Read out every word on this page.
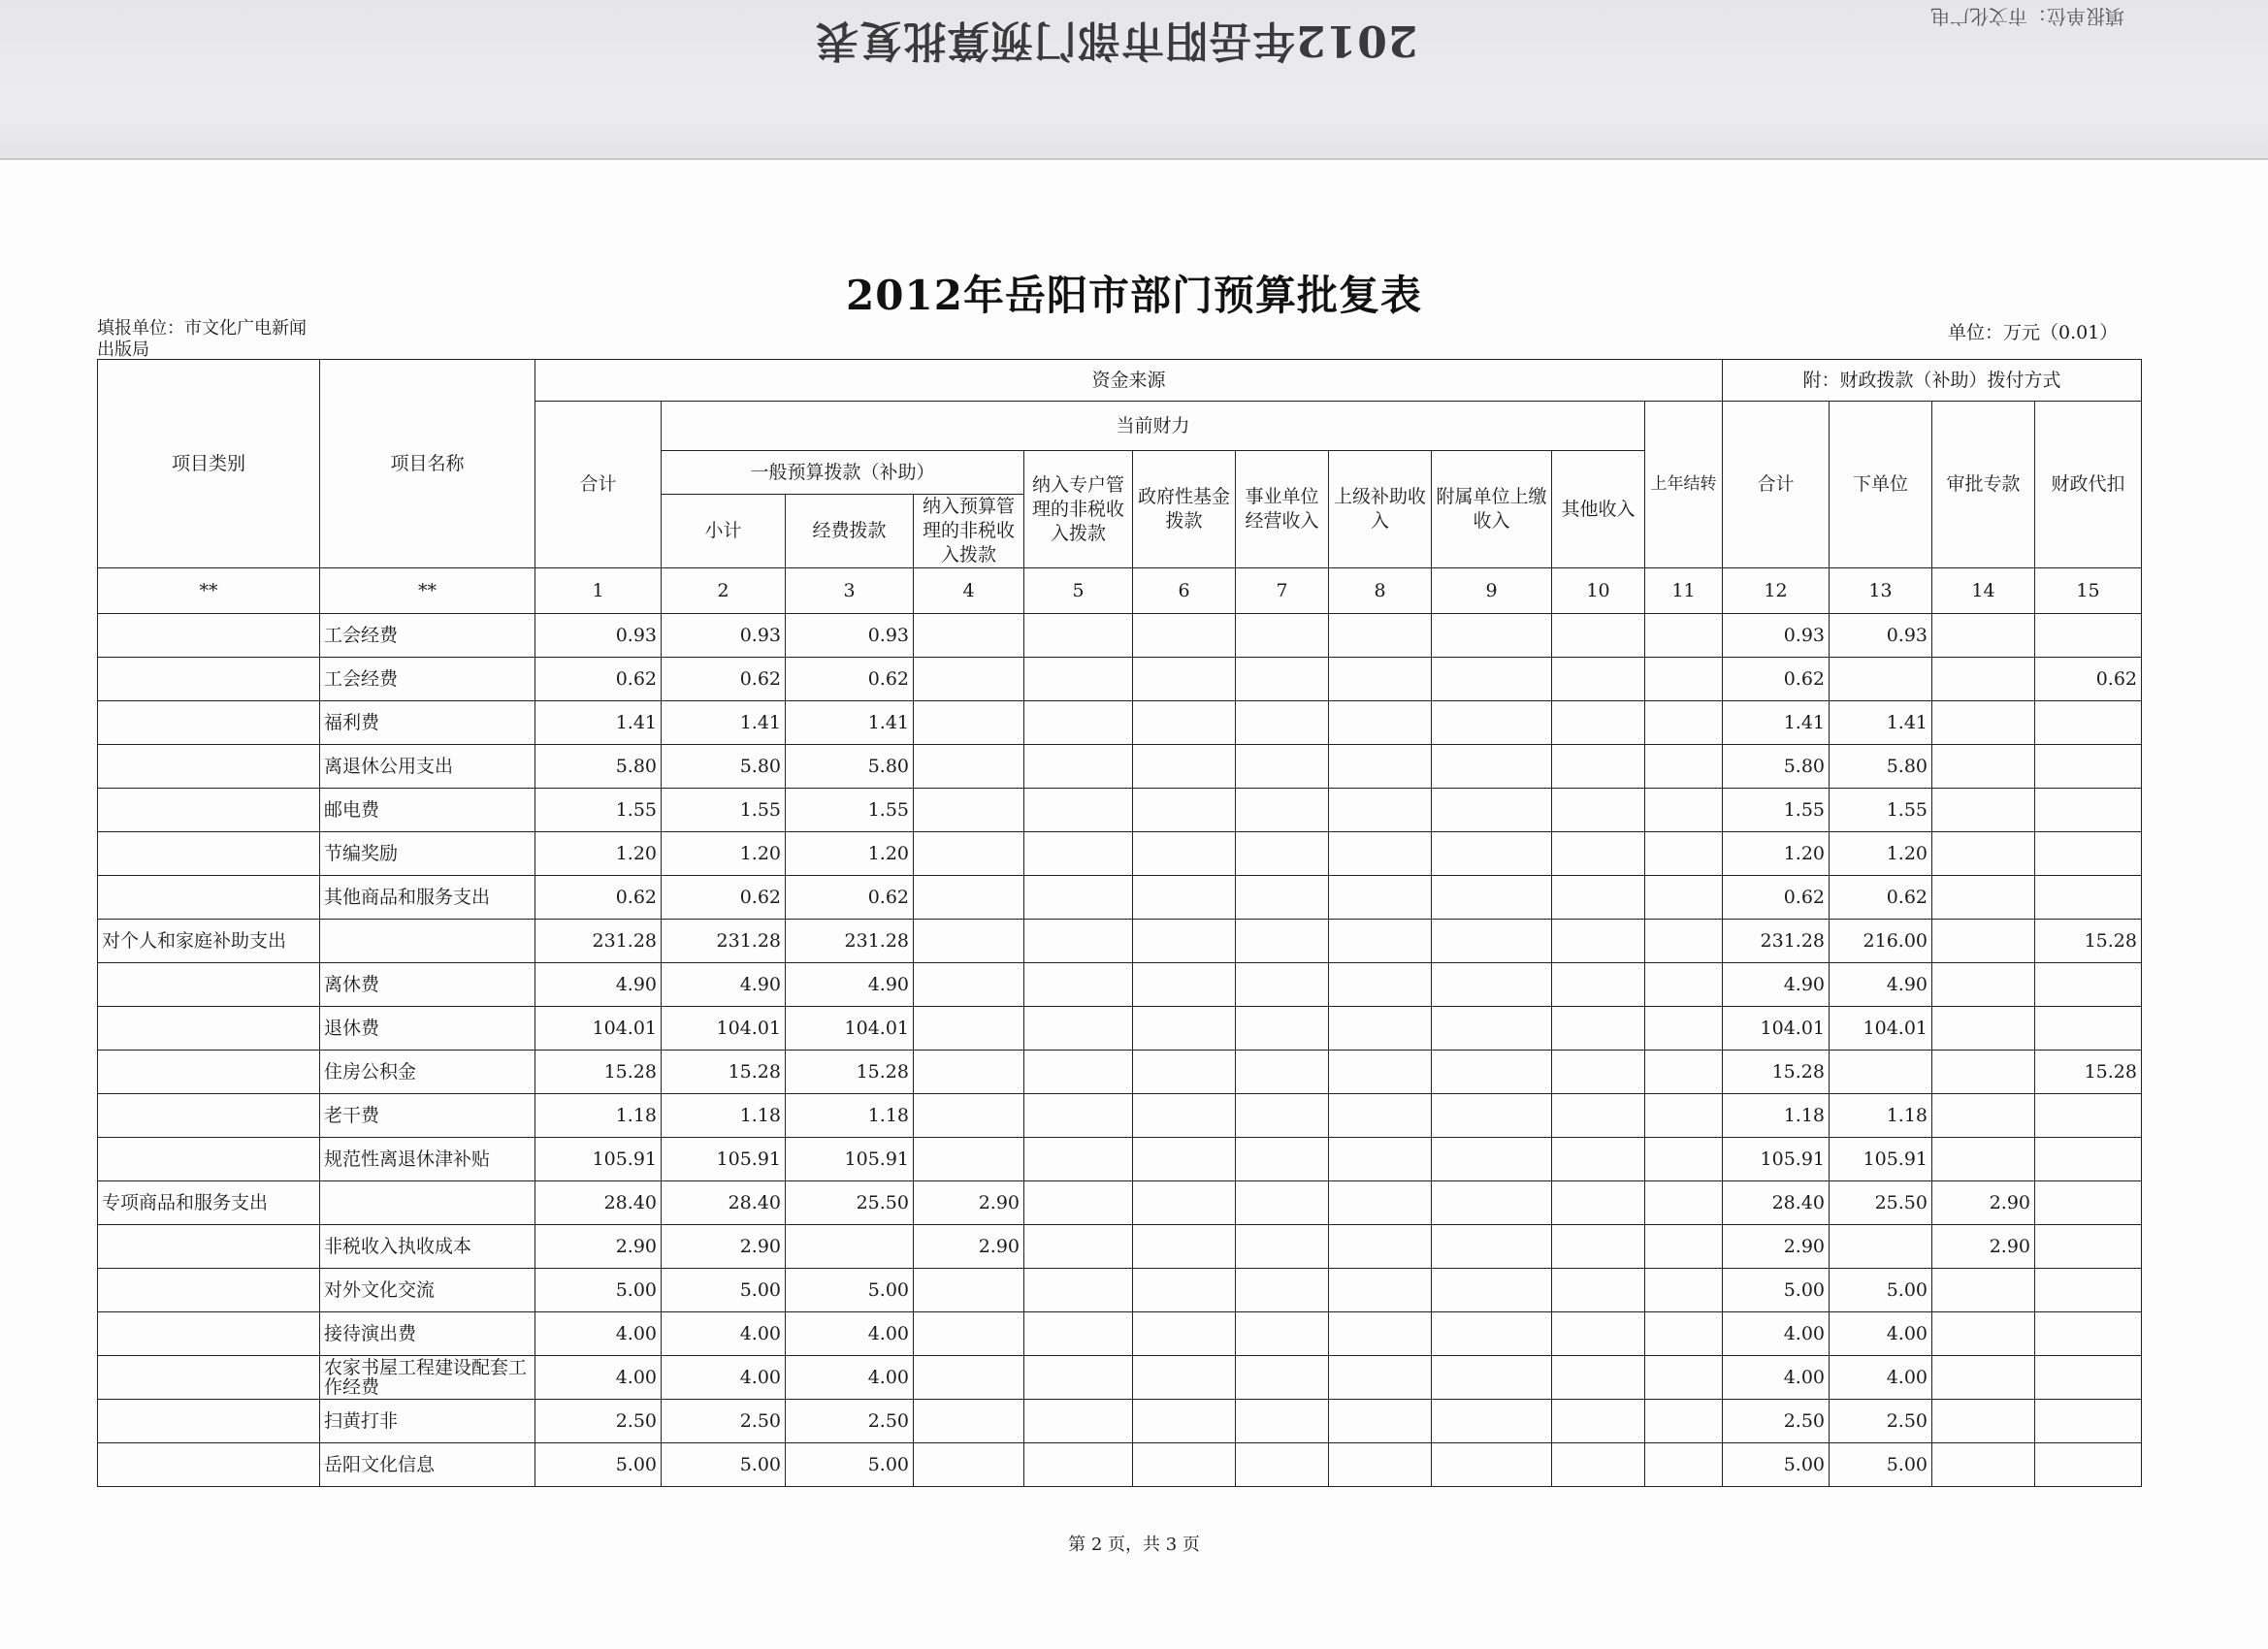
2012年岳阳市部门预算批复表	填报单位：市文化广电
2012年岳阳市部门预算批复表
填报单位：市文化广电新闻出版局
单位：万元（0.01）
项目类别	项目名称	资金来源											附：财政拨款（补助）拨付方式			
		合计	当前财力									上年结转	合计	下单位	审批专款	财政代扣
			一般预算拨款（补助）			纳入专户管理的非税收入拨款	政府性基金拨款	事业单位经营收入	上级补助收入	附属单位上缴收入	其他收入					
			小计	经费拨款	纳入预算管理的非税收入拨款											
**	**	1	2	3	4	5	6	7	8	9	10	11	12	13	14	15
	工会经费	0.93	0.93	0.93									0.93	0.93		
	工会经费	0.62	0.62	0.62									0.62			0.62
	福利费	1.41	1.41	1.41									1.41	1.41		
	离退休公用支出	5.80	5.80	5.80									5.80	5.80		
	邮电费	1.55	1.55	1.55									1.55	1.55		
	节编奖励	1.20	1.20	1.20									1.20	1.20		
	其他商品和服务支出	0.62	0.62	0.62									0.62	0.62		
对个人和家庭补助支出		231.28	231.28	231.28									231.28	216.00		15.28
	离休费	4.90	4.90	4.90									4.90	4.90		
	退休费	104.01	104.01	104.01									104.01	104.01		
	住房公积金	15.28	15.28	15.28									15.28			15.28
	老干费	1.18	1.18	1.18									1.18	1.18		
	规范性离退休津补贴	105.91	105.91	105.91									105.91	105.91		
专项商品和服务支出		28.40	28.40	25.50	2.90								28.40	25.50	2.90	
	非税收入执收成本	2.90	2.90		2.90								2.90		2.90	
	对外文化交流	5.00	5.00	5.00									5.00	5.00		
	接待演出费	4.00	4.00	4.00									4.00	4.00		
	农家书屋工程建设配套工作经费	4.00	4.00	4.00									4.00	4.00		
	扫黄打非	2.50	2.50	2.50									2.50	2.50		
	岳阳文化信息	5.00	5.00	5.00									5.00	5.00		
第 2 页，共 3 页
